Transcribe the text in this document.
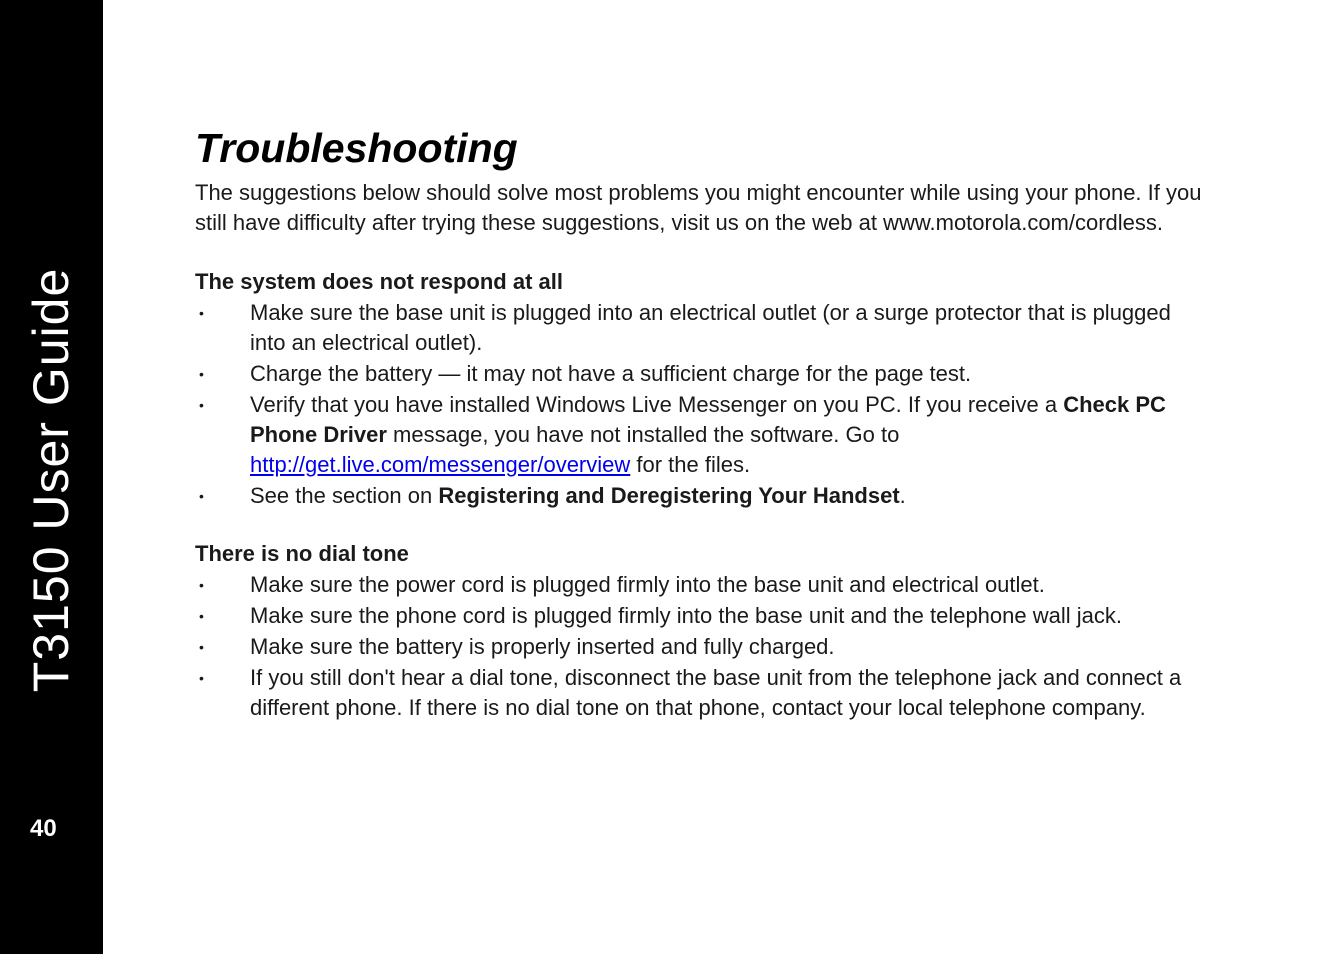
T3150 User Guide
40
Troubleshooting

The suggestions below should solve most problems you might encounter while using your phone. If you still have difficulty after trying these suggestions, visit us on the web at www.motorola.com/cordless.

The system does not respond at all
• Make sure the base unit is plugged into an electrical outlet (or a surge protector that is plugged into an electrical outlet).
• Charge the battery — it may not have a sufficient charge for the page test.
• Verify that you have installed Windows Live Messenger on you PC. If you receive a Check PC Phone Driver message, you have not installed the software. Go to http://get.live.com/messenger/overview for the files.
• See the section on Registering and Deregistering Your Handset.
There is no dial tone
• Make sure the power cord is plugged firmly into the base unit and electrical outlet.
• Make sure the phone cord is plugged firmly into the base unit and the telephone wall jack.
• Make sure the battery is properly inserted and fully charged.
• If you still don't hear a dial tone, disconnect the base unit from the telephone jack and connect a different phone. If there is no dial tone on that phone, contact your local telephone company.
